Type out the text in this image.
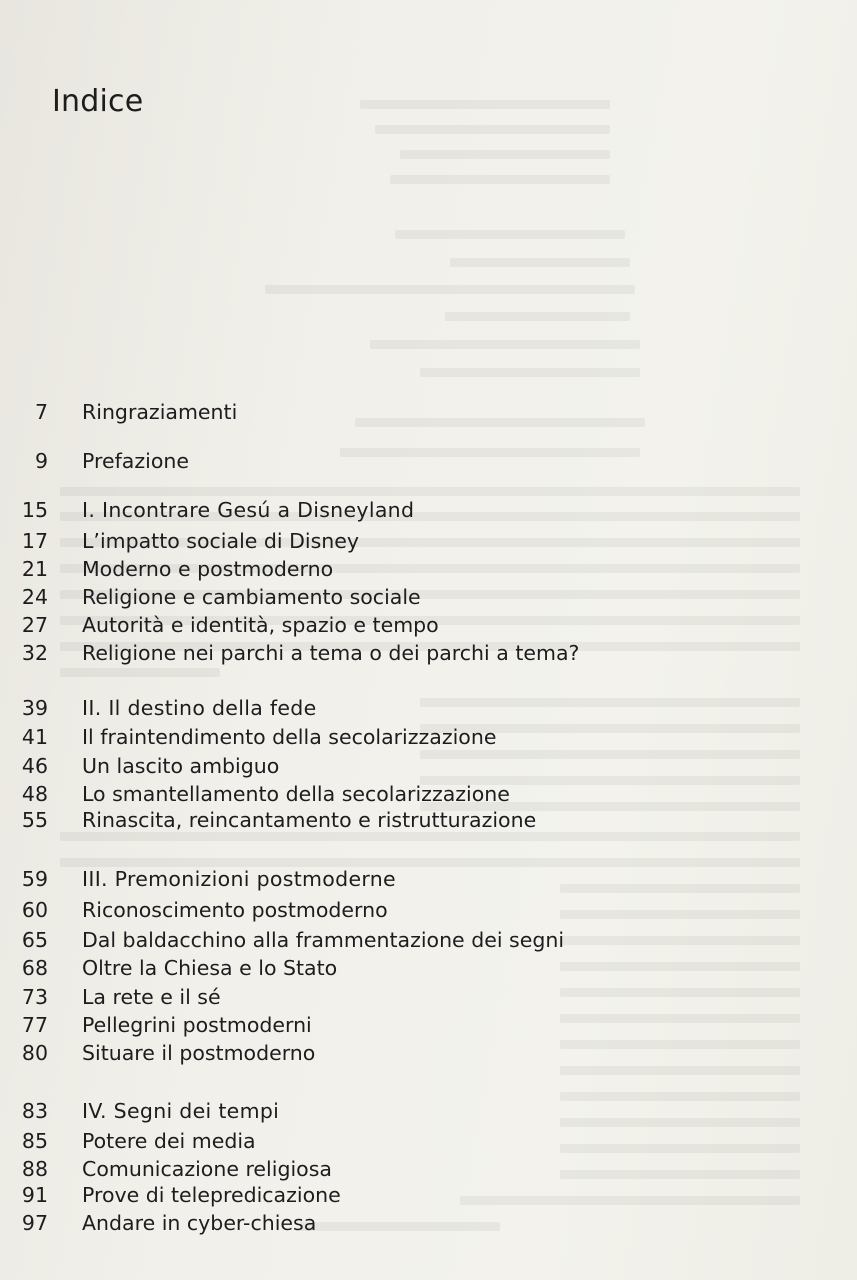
Indice
7	Ringraziamenti
9	Prefazione
15	I. Incontrare Gesú a Disneyland
17	L’impatto sociale di Disney
21	Moderno e postmoderno
24	Religione e cambiamento sociale
27	Autorità e identità, spazio e tempo
32	Religione nei parchi a tema o dei parchi a tema?
39	II. Il destino della fede
41	Il fraintendimento della secolarizzazione
46	Un lascito ambiguo
48	Lo smantellamento della secolarizzazione
55	Rinascita, reincantamento e ristrutturazione
59	III. Premonizioni postmoderne
60	Riconoscimento postmoderno
65	Dal baldacchino alla frammentazione dei segni
68	Oltre la Chiesa e lo Stato
73	La rete e il sé
77	Pellegrini postmoderni
80	Situare il postmoderno
83	IV. Segni dei tempi
85	Potere dei media
88	Comunicazione religiosa
91	Prove di telepredicazione
97	Andare in cyber-chiesa
